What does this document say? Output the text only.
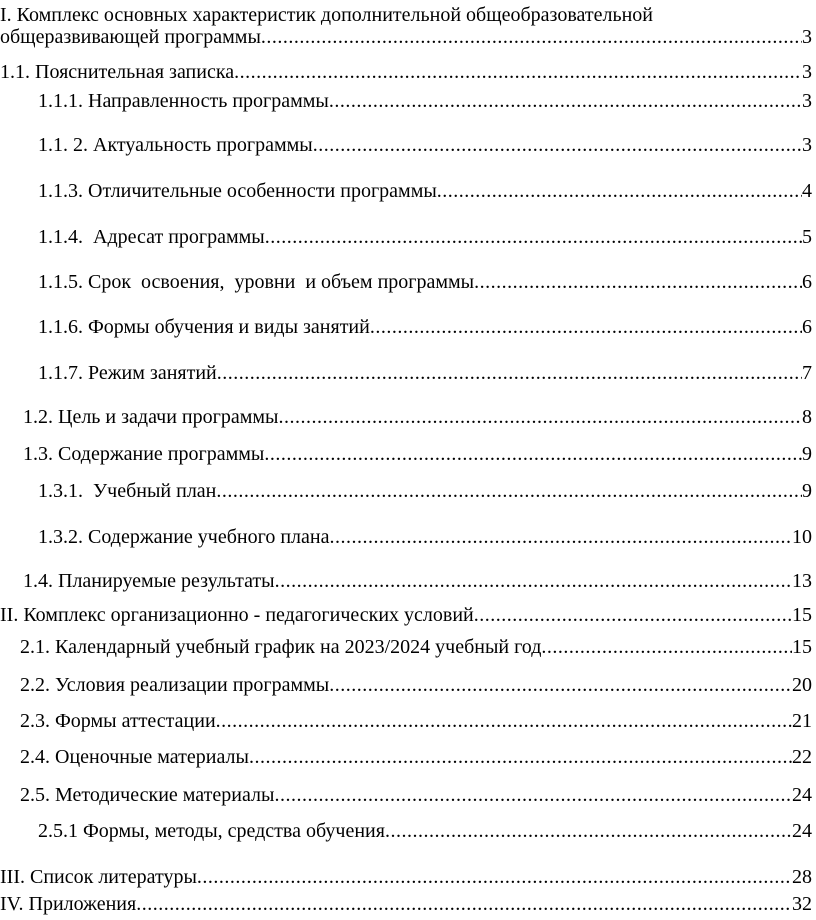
I. Комплекс основных характеристик дополнительной общеобразовательной
общеразвивающей программы .....	3
1.1. Пояснительная записка .....	3
1.1.1. Направленность программы .....	3
1.1. 2. Актуальность программы .....	3
1.1.3. Отличительные особенности программы .....	4
1.1.4.  Адресат программы .....	5
1.1.5. Срок  освоения,  уровни  и объем программы .....	6
1.1.6. Формы обучения и виды занятий .....	6
1.1.7. Режим занятий .....	7
1.2. Цель и задачи программы .....	8
1.3. Содержание программы .....	9
1.3.1.  Учебный план .....	9
1.3.2. Содержание учебного плана .....	10
1.4. Планируемые результаты .....	13
II. Комплекс организационно - педагогических условий .....	15
2.1. Календарный учебный график на 2023/2024 учебный год .....	15
2.2. Условия реализации программы .....	20
2.3. Формы аттестации .....	21
2.4. Оценочные материалы .....	22
2.5. Методические материалы .....	24
2.5.1 Формы, методы, средства обучения .....	24
III. Список литературы .....	28
IV. Приложения .....	32
